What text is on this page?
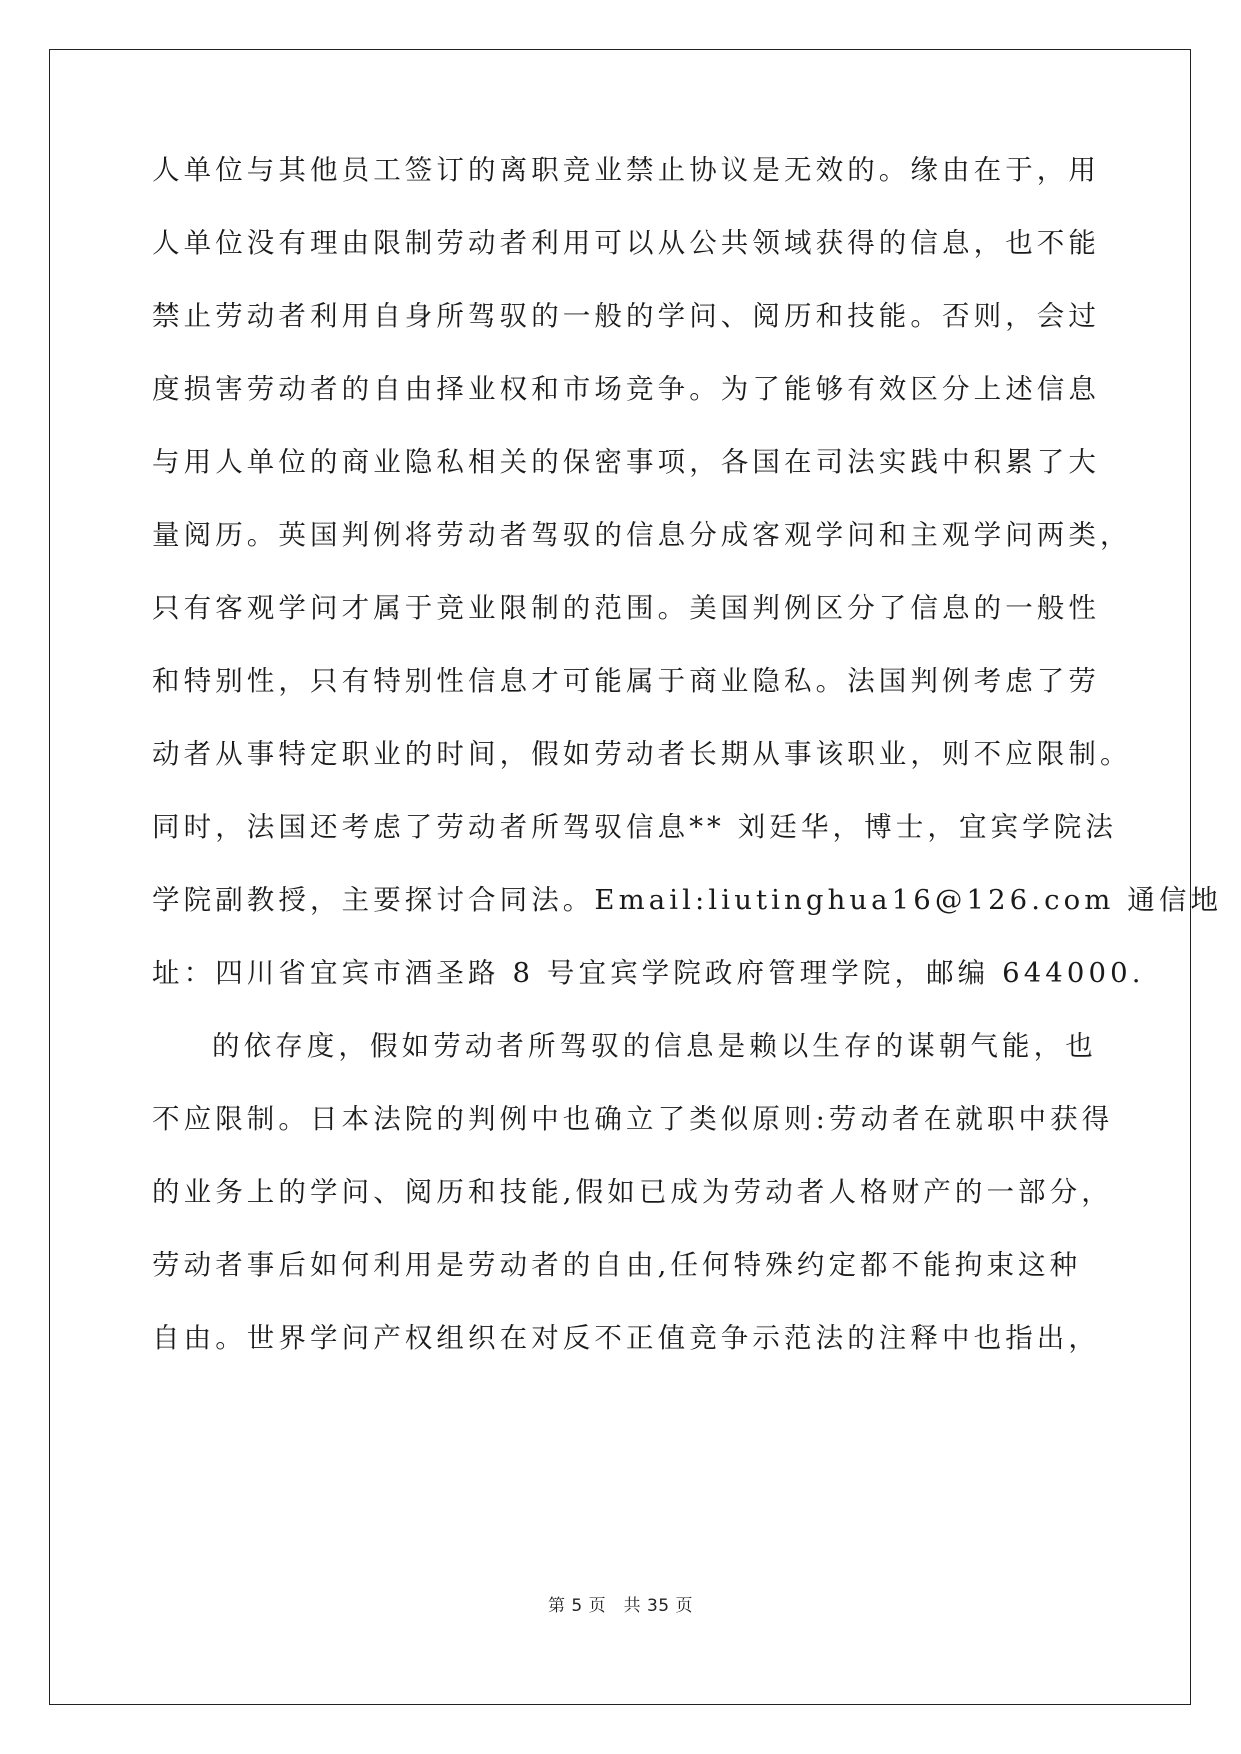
人单位与其他员工签订的离职竞业禁止协议是无效的。缘由在于，用
人单位没有理由限制劳动者利用可以从公共领域获得的信息，也不能
禁止劳动者利用自身所驾驭的一般的学问、阅历和技能。否则，会过
度损害劳动者的自由择业权和市场竞争。为了能够有效区分上述信息
与用人单位的商业隐私相关的保密事项，各国在司法实践中积累了大
量阅历。英国判例将劳动者驾驭的信息分成客观学问和主观学问两类，
只有客观学问才属于竞业限制的范围。美国判例区分了信息的一般性
和特别性，只有特别性信息才可能属于商业隐私。法国判例考虑了劳
动者从事特定职业的时间，假如劳动者长期从事该职业，则不应限制。
同时，法国还考虑了劳动者所驾驭信息** 刘廷华，博士，宜宾学院法
学院副教授，主要探讨合同法。Email:liutinghua16@126.com 通信地
址：四川省宜宾市酒圣路 8 号宜宾学院政府管理学院，邮编 644000.
的依存度，假如劳动者所驾驭的信息是赖以生存的谋朝气能，也
不应限制。日本法院的判例中也确立了类似原则:劳动者在就职中获得
的业务上的学问、阅历和技能,假如已成为劳动者人格财产的一部分，
劳动者事后如何利用是劳动者的自由,任何特殊约定都不能拘束这种
自由。世界学问产权组织在对反不正值竞争示范法的注释中也指出，
第 5 页　共 35 页
